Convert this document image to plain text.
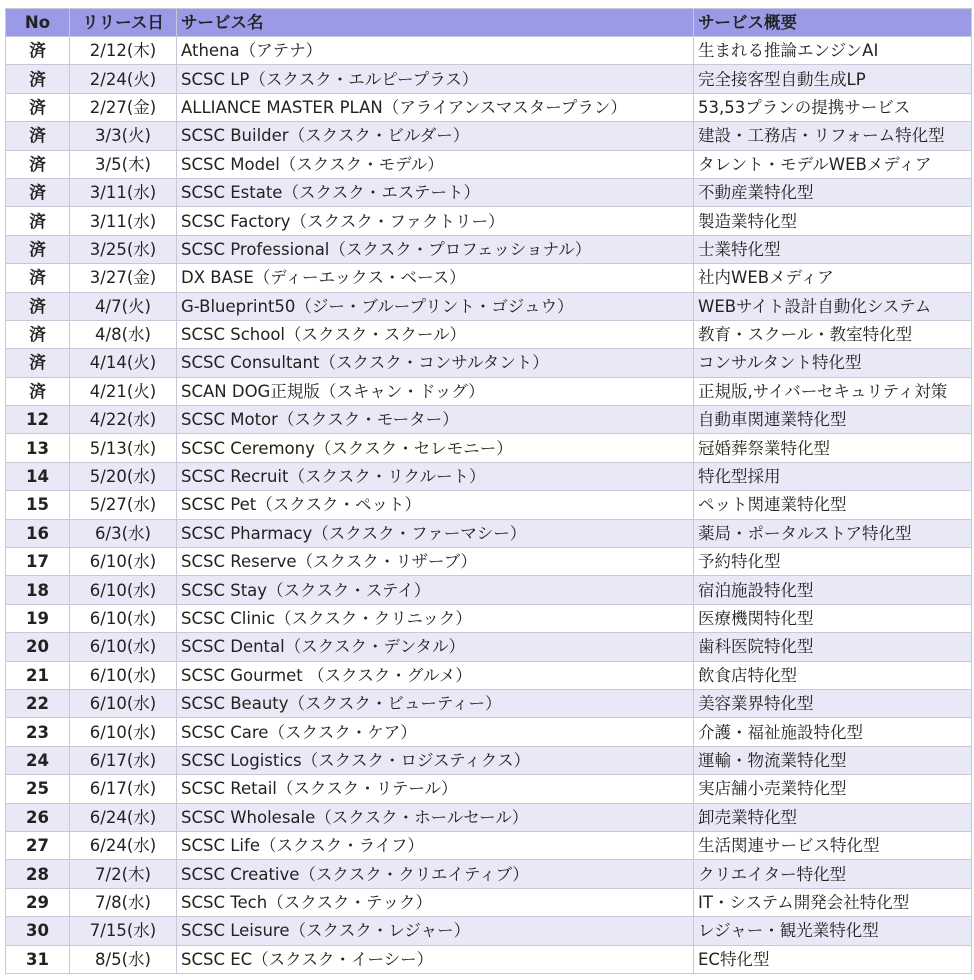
No	リリース日	サービス名	サービス概要
済	2/12(木)	Athena（アテナ）	生まれる推論エンジンAI
済	2/24(火)	SCSC LP（スクスク・エルピープラス）	完全接客型自動生成LP
済	2/27(金)	ALLIANCE MASTER PLAN（アライアンスマスタープラン）	53,53プランの提携サービス
済	3/3(火)	SCSC Builder（スクスク・ビルダー）	建設・工務店・リフォーム特化型
済	3/5(木)	SCSC Model（スクスク・モデル）	タレント・モデルWEBメディア
済	3/11(水)	SCSC Estate（スクスク・エステート）	不動産業特化型
済	3/11(水)	SCSC Factory（スクスク・ファクトリー）	製造業特化型
済	3/25(水)	SCSC Professional（スクスク・プロフェッショナル）	士業特化型
済	3/27(金)	DX BASE（ディーエックス・ベース）	社内WEBメディア
済	4/7(火)	G-Blueprint50（ジー・ブループリント・ゴジュウ）	WEBサイト設計自動化システム
済	4/8(水)	SCSC School（スクスク・スクール）	教育・スクール・教室特化型
済	4/14(火)	SCSC Consultant（スクスク・コンサルタント）	コンサルタント特化型
済	4/21(火)	SCAN DOG正規版（スキャン・ドッグ）	正規版,サイバーセキュリティ対策
12	4/22(水)	SCSC Motor（スクスク・モーター）	自動車関連業特化型
13	5/13(水)	SCSC Ceremony（スクスク・セレモニー）	冠婚葬祭業特化型
14	5/20(水)	SCSC Recruit（スクスク・リクルート）	特化型採用
15	5/27(水)	SCSC Pet（スクスク・ペット）	ペット関連業特化型
16	6/3(水)	SCSC Pharmacy（スクスク・ファーマシー）	薬局・ポータルストア特化型
17	6/10(水)	SCSC Reserve（スクスク・リザーブ）	予約特化型
18	6/10(水)	SCSC Stay（スクスク・ステイ）	宿泊施設特化型
19	6/10(水)	SCSC Clinic（スクスク・クリニック）	医療機関特化型
20	6/10(水)	SCSC Dental（スクスク・デンタル）	歯科医院特化型
21	6/10(水)	SCSC Gourmet （スクスク・グルメ）	飲食店特化型
22	6/10(水)	SCSC Beauty（スクスク・ビューティー）	美容業界特化型
23	6/10(水)	SCSC Care（スクスク・ケア）	介護・福祉施設特化型
24	6/17(水)	SCSC Logistics（スクスク・ロジスティクス）	運輸・物流業特化型
25	6/17(水)	SCSC Retail（スクスク・リテール）	実店舗小売業特化型
26	6/24(水)	SCSC Wholesale（スクスク・ホールセール）	卸売業特化型
27	6/24(水)	SCSC Life（スクスク・ライフ）	生活関連サービス特化型
28	7/2(木)	SCSC Creative（スクスク・クリエイティブ）	クリエイター特化型
29	7/8(水)	SCSC Tech（スクスク・テック）	IT・システム開発会社特化型
30	7/15(水)	SCSC Leisure（スクスク・レジャー）	レジャー・観光業特化型
31	8/5(水)	SCSC EC（スクスク・イーシー）	EC特化型
